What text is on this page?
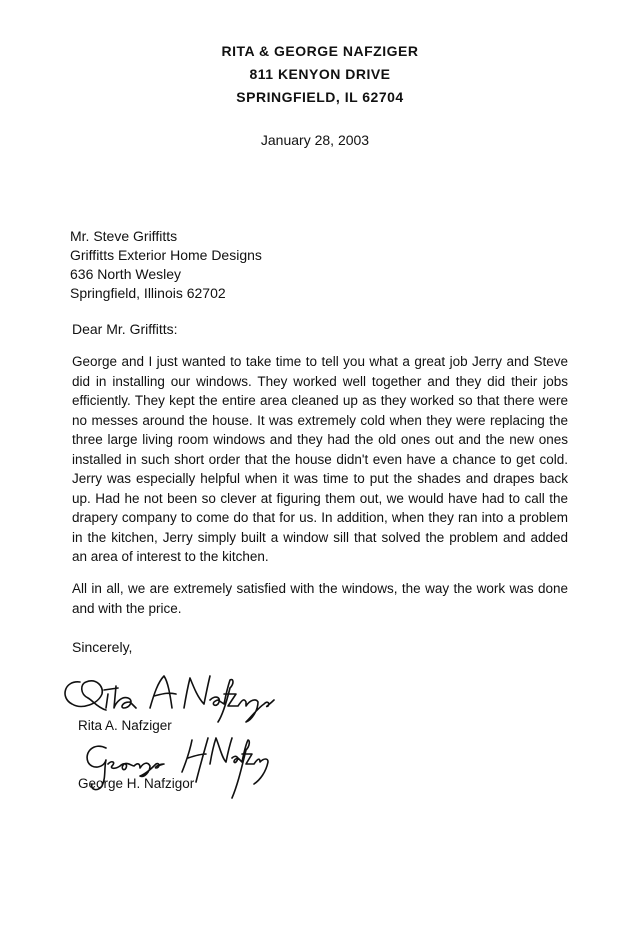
RITA & GEORGE NAFZIGER
811 KENYON DRIVE
SPRINGFIELD, IL 62704
January 28, 2003
Mr. Steve Griffitts
Griffitts Exterior Home Designs
636 North Wesley
Springfield, Illinois 62702
Dear Mr. Griffitts:
George and I just wanted to take time to tell you what a great job Jerry and Steve did in installing our windows. They worked well together and they did their jobs efficiently. They kept the entire area cleaned up as they worked so that there were no messes around the house. It was extremely cold when they were replacing the three large living room windows and they had the old ones out and the new ones installed in such short order that the house didn't even have a chance to get cold. Jerry was especially helpful when it was time to put the shades and drapes back up. Had he not been so clever at figuring them out, we would have had to call the drapery company to come do that for us. In addition, when they ran into a problem in the kitchen, Jerry simply built a window sill that solved the problem and added an area of interest to the kitchen.
All in all, we are extremely satisfied with the windows, the way the work was done and with the price.
Sincerely,
Rita A. Nafziger
George H. Nafzigor
